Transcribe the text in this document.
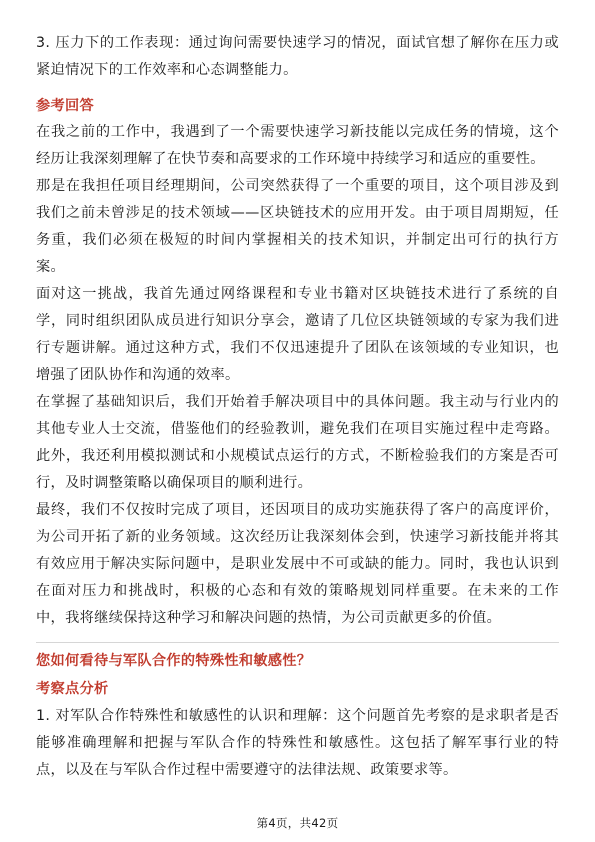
3. 压力下的工作表现：通过询问需要快速学习的情况，面试官想了解你在压力或紧迫情况下的工作效率和心态调整能力。

参考回答

在我之前的工作中，我遇到了一个需要快速学习新技能以完成任务的情境，这个经历让我深刻理解了在快节奏和高要求的工作环境中持续学习和适应的重要性。

那是在我担任项目经理期间，公司突然获得了一个重要的项目，这个项目涉及到我们之前未曾涉足的技术领域——区块链技术的应用开发。由于项目周期短，任务重，我们必须在极短的时间内掌握相关的技术知识，并制定出可行的执行方案。

面对这一挑战，我首先通过网络课程和专业书籍对区块链技术进行了系统的自学，同时组织团队成员进行知识分享会，邀请了几位区块链领域的专家为我们进行专题讲解。通过这种方式，我们不仅迅速提升了团队在该领域的专业知识，也增强了团队协作和沟通的效率。

在掌握了基础知识后，我们开始着手解决项目中的具体问题。我主动与行业内的其他专业人士交流，借鉴他们的经验教训，避免我们在项目实施过程中走弯路。此外，我还利用模拟测试和小规模试点运行的方式，不断检验我们的方案是否可行，及时调整策略以确保项目的顺利进行。

最终，我们不仅按时完成了项目，还因项目的成功实施获得了客户的高度评价，为公司开拓了新的业务领域。这次经历让我深刻体会到，快速学习新技能并将其有效应用于解决实际问题中，是职业发展中不可或缺的能力。同时，我也认识到在面对压力和挑战时，积极的心态和有效的策略规划同样重要。在未来的工作中，我将继续保持这种学习和解决问题的热情，为公司贡献更多的价值。

您如何看待与军队合作的特殊性和敏感性？
考察点分析

1. 对军队合作特殊性和敏感性的认识和理解：这个问题首先考察的是求职者是否能够准确理解和把握与军队合作的特殊性和敏感性。这包括了解军事行业的特点，以及在与军队合作过程中需要遵守的法律法规、政策要求等。

第4页，共42页
